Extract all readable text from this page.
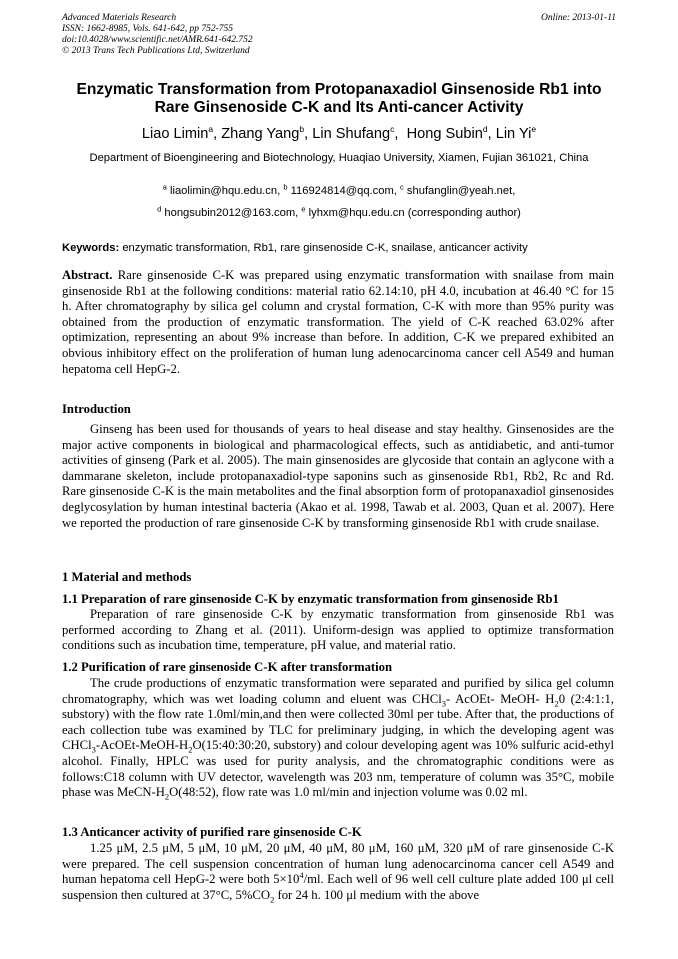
Advanced Materials Research
ISSN: 1662-8985, Vols. 641-642, pp 752-755
doi:10.4028/www.scientific.net/AMR.641-642.752
© 2013 Trans Tech Publications Ltd, Switzerland
Online: 2013-01-11
Enzymatic Transformation from Protopanaxadiol Ginsenoside Rb1 into
Rare Ginsenoside C-K and Its Anti-cancer Activity
Liao Limin$^a$, Zhang Yang$^b$, Lin Shufang$^c$,  Hong Subin$^d$, Lin Yi$^e$
Department of Bioengineering and Biotechnology, Huaqiao University, Xiamen, Fujian 361021, China
$^a$ liaolimin@hqu.edu.cn, $^b$ 116924814@qq.com, $^c$ shufanglin@yeah.net,
$^d$ hongsubin2012@163.com, $^e$ lyhxm@hqu.edu.cn (corresponding author)
Keywords: enzymatic transformation, Rb1, rare ginsenoside C-K, snailase, anticancer activity
Abstract. Rare ginsenoside C-K was prepared using enzymatic transformation with snailase from main ginsenoside Rb1 at the following conditions: material ratio 62.14:10, pH 4.0, incubation at 46.40 °C for 15 h. After chromatography by silica gel column and crystal formation, C-K with more than 95% purity was obtained from the production of enzymatic transformation. The yield of C-K reached 63.02% after optimization, representing an about 9% increase than before. In addition, C-K we prepared exhibited an obvious inhibitory effect on the proliferation of human lung adenocarcinoma cancer cell A549 and human hepatoma cell HepG-2.
Introduction
Ginseng has been used for thousands of years to heal disease and stay healthy. Ginsenosides are the major active components in biological and pharmacological effects, such as antidiabetic, and anti-tumor activities of ginseng (Park et al. 2005). The main ginsenosides are glycoside that contain an aglycone with a dammarane skeleton, include protopanaxadiol-type saponins such as ginsenoside Rb1, Rb2, Rc and Rd. Rare ginsenoside C-K is the main metabolites and the final absorption form of protopanaxadiol ginsenosides deglycosylation by human intestinal bacteria (Akao et al. 1998, Tawab et al. 2003, Quan et al. 2007). Here we reported the production of rare ginsenoside C-K by transforming ginsenoside Rb1 with crude snailase.
1 Material and methods
1.1 Preparation of rare ginsenoside C-K by enzymatic transformation from ginsenoside Rb1
Preparation of rare ginsenoside C-K by enzymatic transformation from ginsenoside Rb1 was performed according to Zhang et al. (2011). Uniform-design was applied to optimize transformation conditions such as incubation time, temperature, pH value, and material ratio.
1.2 Purification of rare ginsenoside C-K after transformation
The crude productions of enzymatic transformation were separated and purified by silica gel column chromatography, which was wet loading column and eluent was CHCl$_3$- AcOEt- MeOH- $H_20$ (2:4:1:1, substory) with the flow rate 1.0ml/min,and then were collected 30ml per tube. After that, the productions of each collection tube was examined by TLC for preliminary judging, in which the developing agent was $CHCl_3-AcOEt-MeOH-H_2O(15:40:30:20$, substory) and colour developing agent was 10% sulfuric acid-ethyl alcohol. Finally, HPLC was used for purity analysis, and the chromatographic conditions were as follows:C18 column with UV detector, wavelength was 203 nm, temperature of column was 35°C, mobile phase was MeCN-$H_2O(48:52)$, flow rate was 1.0 ml/min and injection volume was 0.02 ml.
1.3 Anticancer activity of purified rare ginsenoside C-K
1.25 μM, 2.5 μM, 5 μM, 10 μM, 20 μM, 40 μM, 80 μM, 160 μM, 320 μM of rare ginsenoside C-K were prepared. The cell suspension concentration of human lung adenocarcinoma cancer cell A549 and human hepatoma cell HepG-2 were both $5\times 10^4/ml$. Each well of 96 well cell culture plate added 100 μl cell suspension then cultured at 37°C, $5\%CO_2$ for 24 h. 100 μl medium with the above
